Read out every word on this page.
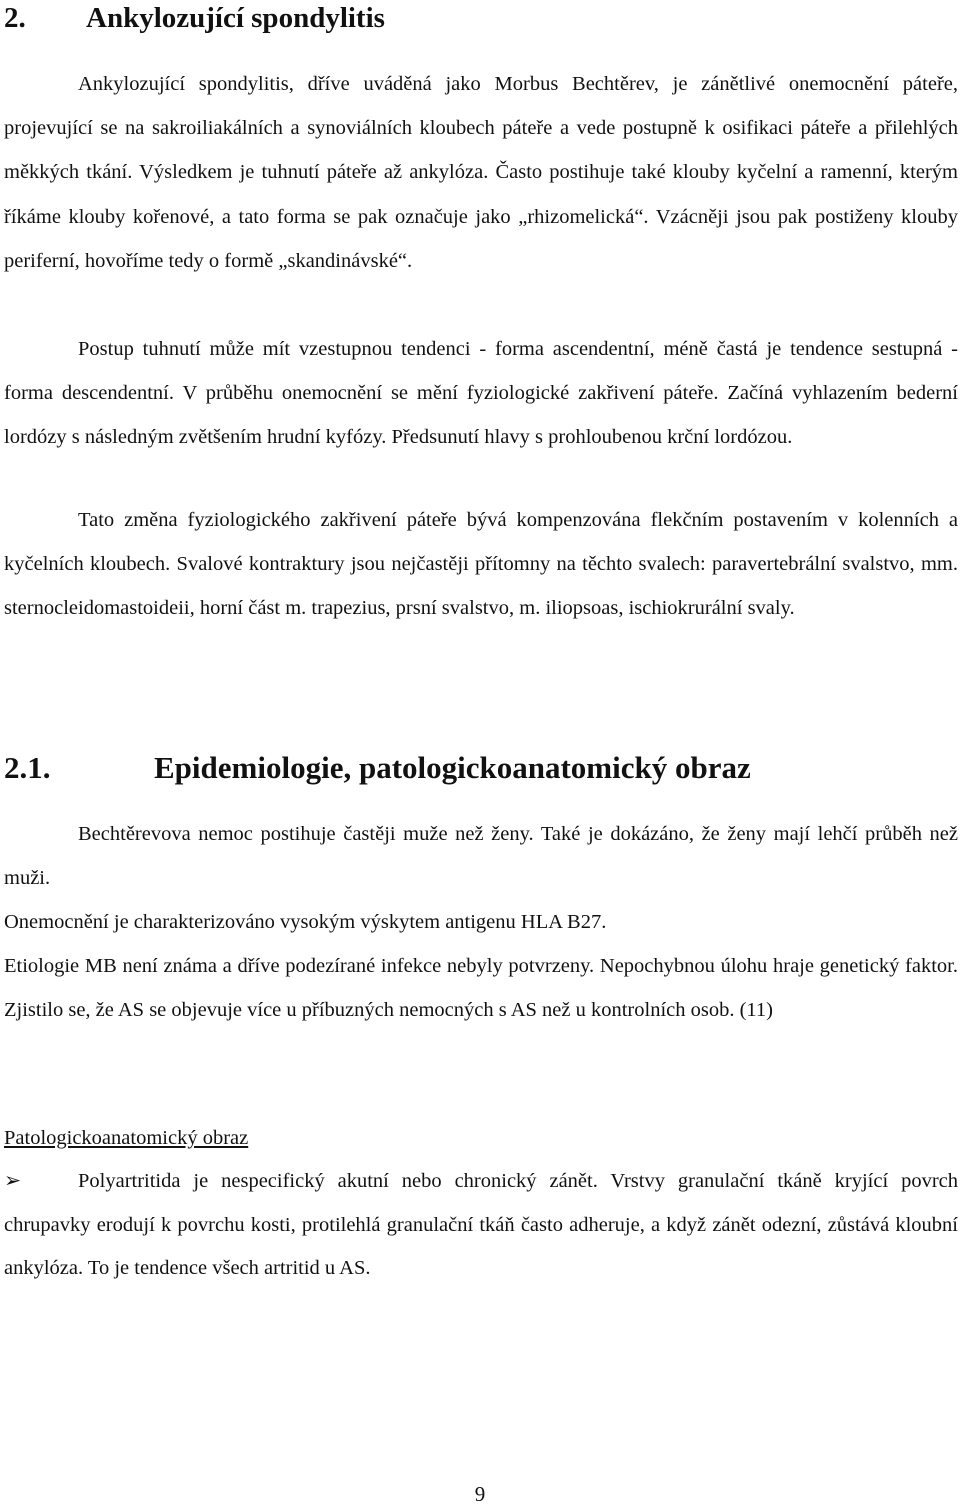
2. Ankylozující spondylitis

Ankylozující spondylitis, dříve uváděná jako Morbus Bechtěrev, je zánětlivé onemocnění páteře, projevující se na sakroiliakálních a synoviálních kloubech páteře a vede postupně k osifikaci páteře a přilehlých měkkých tkání. Výsledkem je tuhnutí páteře až ankylóza. Často postihuje také klouby kyčelní a ramenní, kterým říkáme klouby kořenové, a tato forma se pak označuje jako „rhizomelická“. Vzácněji jsou pak postiženy klouby periferní, hovoříme tedy o formě „skandinávské“.

Postup tuhnutí může mít vzestupnou tendenci - forma ascendentní, méně častá je tendence sestupná - forma descendentní. V průběhu onemocnění se mění fyziologické zakřivení páteře. Začíná vyhlazením bederní lordózy s následným zvětšením hrudní kyfózy. Předsunutí hlavy s prohloubenou krční lordózou.

Tato změna fyziologického zakřivení páteře bývá kompenzována flekčním postavením v kolenních a kyčelních kloubech. Svalové kontraktury jsou nejčastěji přítomny na těchto svalech: paravertebrální svalstvo, mm. sternocleidomastoideii, horní část m. trapezius, prsní svalstvo, m. iliopsoas, ischiokrurální svaly.

2.1.	Epidemiologie, patologickoanatomický obraz

Bechtěrevova nemoc postihuje častěji muže než ženy. Také je dokázáno, že ženy mají lehčí průběh než muži.

Onemocnění je charakterizováno vysokým výskytem antigenu HLA B27.

Etiologie MB není známa a dříve podezírané infekce nebyly potvrzeny. Nepochybnou úlohu hraje genetický faktor. Zjistilo se, že AS se objevuje více u příbuzných nemocných s AS než u kontrolních osob. (11)

Patologickoanatomický obraz
➢	Polyartritida je nespecifický akutní nebo chronický zánět. Vrstvy granulační tkáně kryjící povrch chrupavky erodují k povrchu kosti, protilehlá granulační tkáň často adheruje, a když zánět odezní, zůstává kloubní ankylóza. To je tendence všech artritid u AS.
9
